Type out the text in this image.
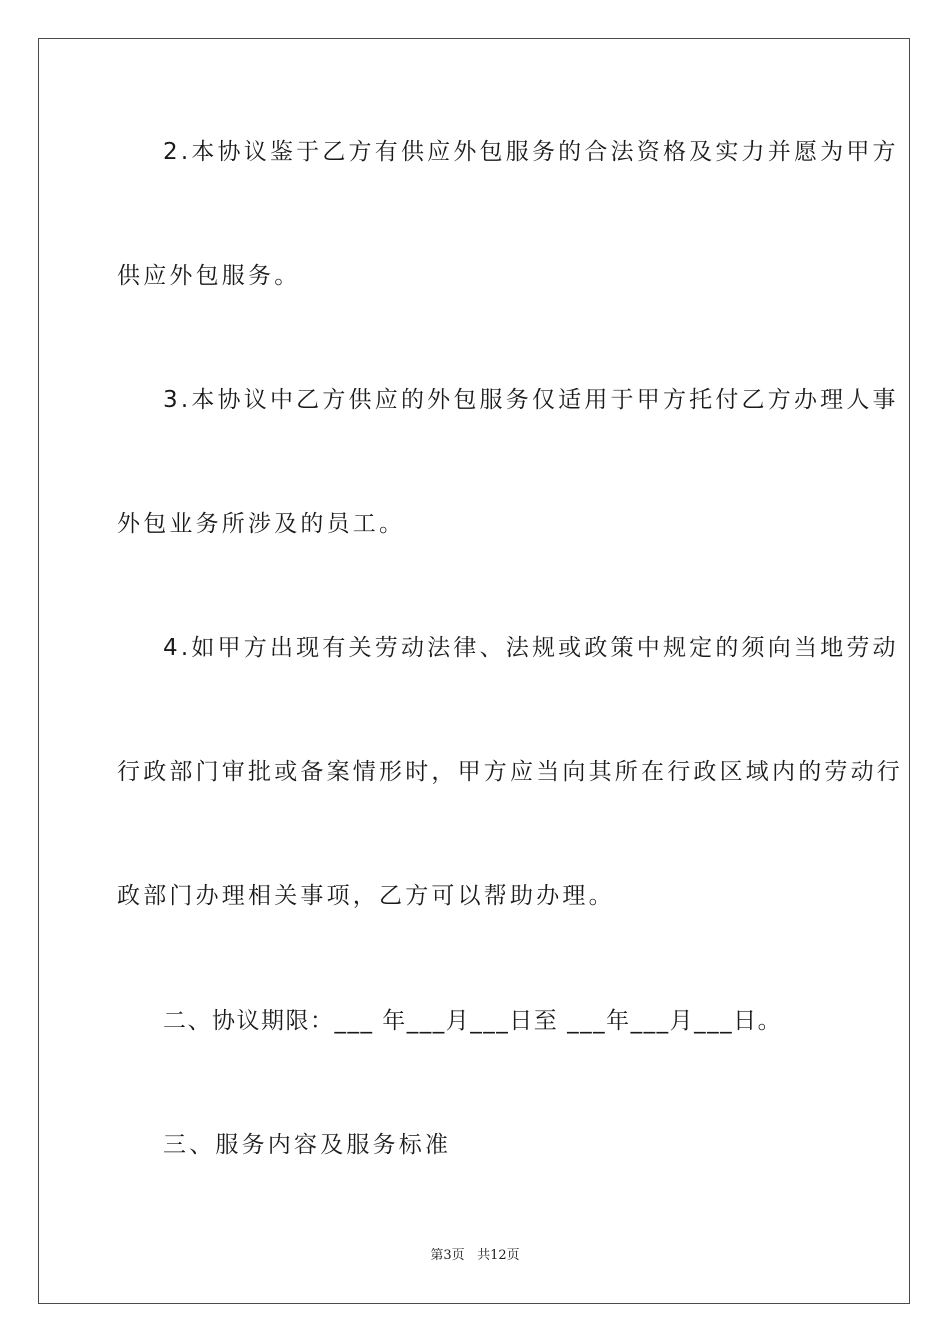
2.本协议鉴于乙方有供应外包服务的合法资格及实力并愿为甲方
供应外包服务。
3.本协议中乙方供应的外包服务仅适用于甲方托付乙方办理人事
外包业务所涉及的员工。
4.如甲方出现有关劳动法律、法规或政策中规定的须向当地劳动
行政部门审批或备案情形时，甲方应当向其所在行政区域内的劳动行
政部门办理相关事项，乙方可以帮助办理。
二、协议期限：___ 年___月___日至 ___年___月___日。
三、服务内容及服务标准
第3页 共12页
